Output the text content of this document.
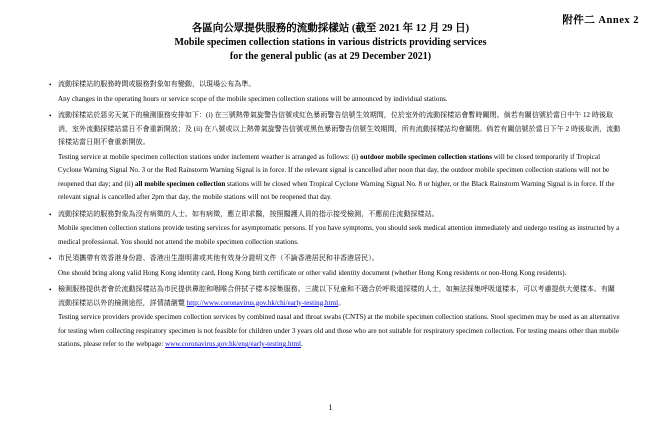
附件二 Annex 2
各區向公眾提供服務的流動採樣站 (截至 2021 年 12 月 29 日)
Mobile specimen collection stations in various districts providing services
for the general public (as at 29 December 2021)
• 流動採樣站的服務時間或服務對象如有變動，以現場公布為準。
Any changes in the operating hours or service scope of the mobile specimen collection stations will be announced by individual stations.
• 流動採樣站於惡劣天氣下的檢測服務安排如下：(i) 在三號熱帶氣旋警告信號或紅色暴雨警告信號生效期間，位於室外的流動採樣站會暫時關閉。倘若有關信號於當日中午 12 時後取消，室外流動採樣站當日不會重新開放；及 (ii) 在八號或以上熱帶氣旋警告信號或黑色暴雨警告信號生效期間，所有流動採樣站均會關閉。倘若有關信號於當日下午 2 時後取消，流動採樣站當日則不會重新開放。
Testing service at mobile specimen collection stations under inclement weather is arranged as follows: (i) outdoor mobile specimen collection stations will be closed temporarily if Tropical Cyclone Warning Signal No. 3 or the Red Rainstorm Warning Signal is in force. If the relevant signal is cancelled after noon that day, the outdoor mobile specimen collection stations will not be reopened that day; and (ii) all mobile specimen collection stations will be closed when Tropical Cyclone Warning Signal No. 8 or higher, or the Black Rainstorm Warning Signal is in force. If the relevant signal is cancelled after 2pm that day, the mobile stations will not be reopened that day.
• 流動採樣站的服務對象為沒有病徵的人士。如有病徵，應立即求醫，按照醫護人員的指示接受檢測，不應前往流動採樣站。
Mobile specimen collection stations provide testing services for asymptomatic persons. If you have symptoms, you should seek medical attention immediately and undergo testing as instructed by a medical professional. You should not attend the mobile specimen collection stations.
• 市民須攜帶有效香港身份證、香港出生證明書或其他有效身分證明文件（不論香港居民和非香港居民）。
One should bring along valid Hong Kong identity card, Hong Kong birth certificate or other valid identity document (whether Hong Kong residents or non-Hong Kong residents).
• 檢測服務提供者會於流動採樣站為市民提供鼻腔和咽喉合併拭子樣本採集服務。三歲以下兒童和不適合於呼吸道採樣的人士，如無法採集呼吸道樣本，可以考慮提供大便樣本。有關流動採樣站以外的檢測途徑，詳情請瀏覽 http://www.coronavirus.gov.hk/chi/early-testing.html。
Testing service providers provide specimen collection services by combined nasal and throat swabs (CNTS) at the mobile specimen collection stations. Stool specimen may be used as an alternative for testing when collecting respiratory specimen is not feasible for children under 3 years old and those who are not suitable for respiratory specimen collection. For testing means other than mobile stations, please refer to the webpage: www.coronavirus.gov.hk/eng/early-testing.html.
1
